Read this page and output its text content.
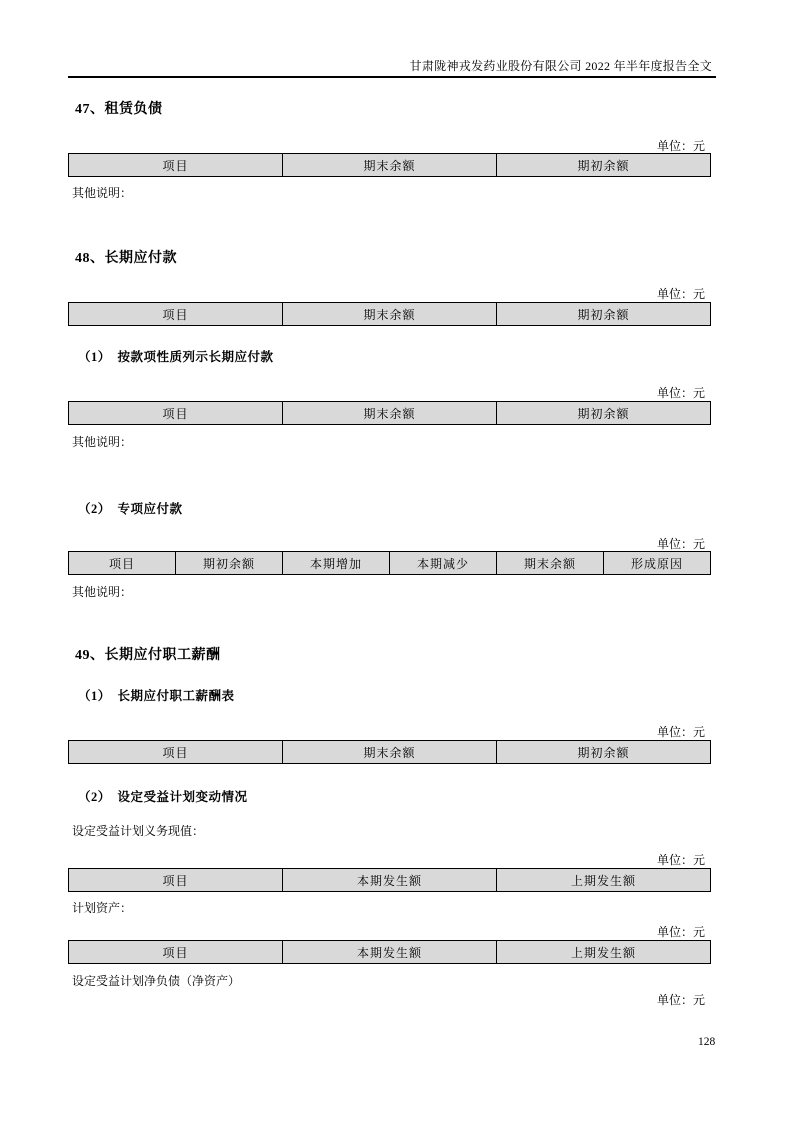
甘肃陇神戎发药业股份有限公司 2022 年半年度报告全文
47、租赁负债
单位：元
项目	期末余额	期初余额
其他说明：
48、长期应付款
单位：元
项目	期末余额	期初余额
（1）　按款项性质列示长期应付款
单位：元
项目	期末余额	期初余额
其他说明：
（2）　专项应付款
单位：元
项目	期初余额	本期增加	本期减少	期末余额	形成原因
其他说明：
49、长期应付职工薪酬
（1）　长期应付职工薪酬表
单位：元
项目	期末余额	期初余额
（2）　设定受益计划变动情况
设定受益计划义务现值：
单位：元
项目	本期发生额	上期发生额
计划资产：
单位：元
项目	本期发生额	上期发生额
设定受益计划净负债（净资产）
单位：元
128
